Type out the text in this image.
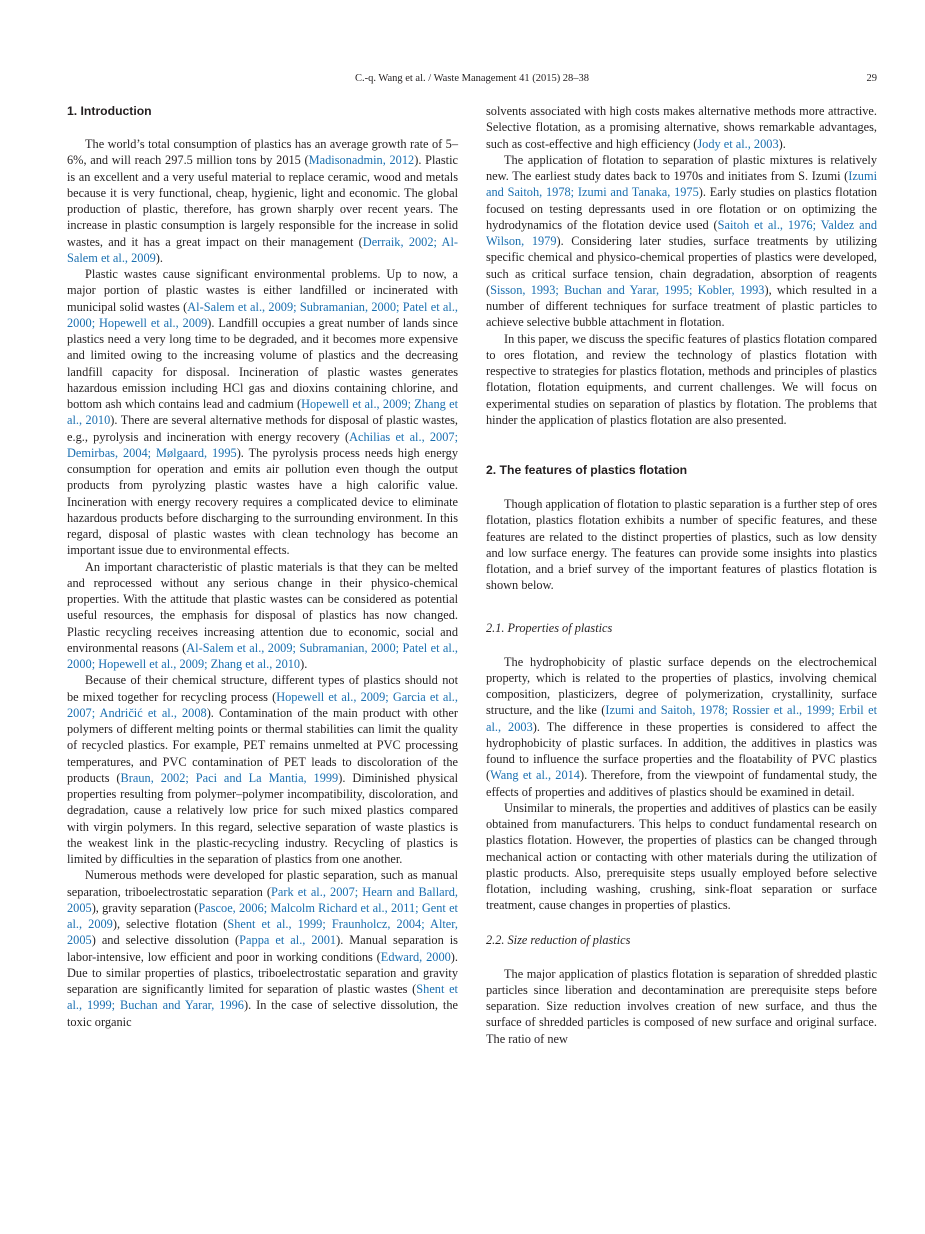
C.-q. Wang et al. / Waste Management 41 (2015) 28–38	29
1. Introduction

The world’s total consumption of plastics has an average growth rate of 5–6%, and will reach 297.5 million tons by 2015 (Madisonadmin, 2012). Plastic is an excellent and a very useful material to replace ceramic, wood and metals because it is very functional, cheap, hygienic, light and economic. The global production of plastic, therefore, has grown sharply over recent years. The increase in plastic consumption is largely responsible for the increase in solid wastes, and it has a great impact on their management (Derraik, 2002; Al-Salem et al., 2009).

Plastic wastes cause significant environmental problems. Up to now, a major portion of plastic wastes is either landfilled or incinerated with municipal solid wastes (Al-Salem et al., 2009; Subramanian, 2000; Patel et al., 2000; Hopewell et al., 2009). Landfill occupies a great number of lands since plastics need a very long time to be degraded, and it becomes more expensive and limited owing to the increasing volume of plastics and the decreasing landfill capacity for disposal. Incineration of plastic wastes generates hazardous emission including HCl gas and dioxins containing chlorine, and bottom ash which contains lead and cadmium (Hopewell et al., 2009; Zhang et al., 2010). There are several alternative methods for disposal of plastic wastes, e.g., pyrolysis and incineration with energy recovery (Achilias et al., 2007; Demirbas, 2004; Mølgaard, 1995). The pyrolysis process needs high energy consumption for operation and emits air pollution even though the output products from pyrolyzing plastic wastes have a high calorific value. Incineration with energy recovery requires a complicated device to eliminate hazardous products before discharging to the surrounding environment. In this regard, disposal of plastic wastes with clean technology has become an important issue due to environmental effects.

An important characteristic of plastic materials is that they can be melted and reprocessed without any serious change in their physico-chemical properties. With the attitude that plastic wastes can be considered as potential useful resources, the emphasis for disposal of plastics has now changed. Plastic recycling receives increasing attention due to economic, social and environmental reasons (Al-Salem et al., 2009; Subramanian, 2000; Patel et al., 2000; Hopewell et al., 2009; Zhang et al., 2010).

Because of their chemical structure, different types of plastics should not be mixed together for recycling process (Hopewell et al., 2009; Garcia et al., 2007; Andričić et al., 2008). Contamination of the main product with other polymers of different melting points or thermal stabilities can limit the quality of recycled plastics. For example, PET remains unmelted at PVC processing temperatures, and PVC contamination of PET leads to discoloration of the products (Braun, 2002; Paci and La Mantia, 1999). Diminished physical properties resulting from polymer–polymer incompatibility, discoloration, and degradation, cause a relatively low price for such mixed plastics compared with virgin polymers. In this regard, selective separation of waste plastics is the weakest link in the plastic-recycling industry. Recycling of plastics is limited by difficulties in the separation of plastics from one another.

Numerous methods were developed for plastic separation, such as manual separation, triboelectrostatic separation (Park et al., 2007; Hearn and Ballard, 2005), gravity separation (Pascoe, 2006; Malcolm Richard et al., 2011; Gent et al., 2009), selective flotation (Shent et al., 1999; Fraunholcz, 2004; Alter, 2005) and selective dissolution (Pappa et al., 2001). Manual separation is labor-intensive, low efficient and poor in working conditions (Edward, 2000). Due to similar properties of plastics, triboelectrostatic separation and gravity separation are significantly limited for separation of plastic wastes (Shent et al., 1999; Buchan and Yarar, 1996). In the case of selective dissolution, the toxic organic

solvents associated with high costs makes alternative methods more attractive. Selective flotation, as a promising alternative, shows remarkable advantages, such as cost-effective and high efficiency (Jody et al., 2003).

The application of flotation to separation of plastic mixtures is relatively new. The earliest study dates back to 1970s and initiates from S. Izumi (Izumi and Saitoh, 1978; Izumi and Tanaka, 1975). Early studies on plastics flotation focused on testing depressants used in ore flotation or on optimizing the hydrodynamics of the flotation device used (Saitoh et al., 1976; Valdez and Wilson, 1979). Considering later studies, surface treatments by utilizing specific chemical and physico-chemical properties of plastics were developed, such as critical surface tension, chain degradation, absorption of reagents (Sisson, 1993; Buchan and Yarar, 1995; Kobler, 1993), which resulted in a number of different techniques for surface treatment of plastic particles to achieve selective bubble attachment in flotation.

In this paper, we discuss the specific features of plastics flotation compared to ores flotation, and review the technology of plastics flotation with respective to strategies for plastics flotation, methods and principles of plastics flotation, flotation equipments, and current challenges. We will focus on experimental studies on separation of plastics by flotation. The problems that hinder the application of plastics flotation are also presented.

2. The features of plastics flotation

Though application of flotation to plastic separation is a further step of ores flotation, plastics flotation exhibits a number of specific features, and these features are related to the distinct properties of plastics, such as low density and low surface energy. The features can provide some insights into plastics flotation, and a brief survey of the important features of plastics flotation is shown below.

2.1. Properties of plastics

The hydrophobicity of plastic surface depends on the electrochemical property, which is related to the properties of plastics, involving chemical composition, plasticizers, degree of polymerization, crystallinity, surface structure, and the like (Izumi and Saitoh, 1978; Rossier et al., 1999; Erbil et al., 2003). The difference in these properties is considered to affect the hydrophobicity of plastic surfaces. In addition, the additives in plastics was found to influence the surface properties and the floatability of PVC plastics (Wang et al., 2014). Therefore, from the viewpoint of fundamental study, the effects of properties and additives of plastics should be examined in detail.

Unsimilar to minerals, the properties and additives of plastics can be easily obtained from manufacturers. This helps to conduct fundamental research on plastics flotation. However, the properties of plastics can be changed through mechanical action or contacting with other materials during the utilization of plastic products. Also, prerequisite steps usually employed before selective flotation, including washing, crushing, sink-float separation or surface treatment, cause changes in properties of plastics.

2.2. Size reduction of plastics

The major application of plastics flotation is separation of shredded plastic particles since liberation and decontamination are prerequisite steps before separation. Size reduction involves creation of new surface, and thus the surface of shredded particles is composed of new surface and original surface. The ratio of new
